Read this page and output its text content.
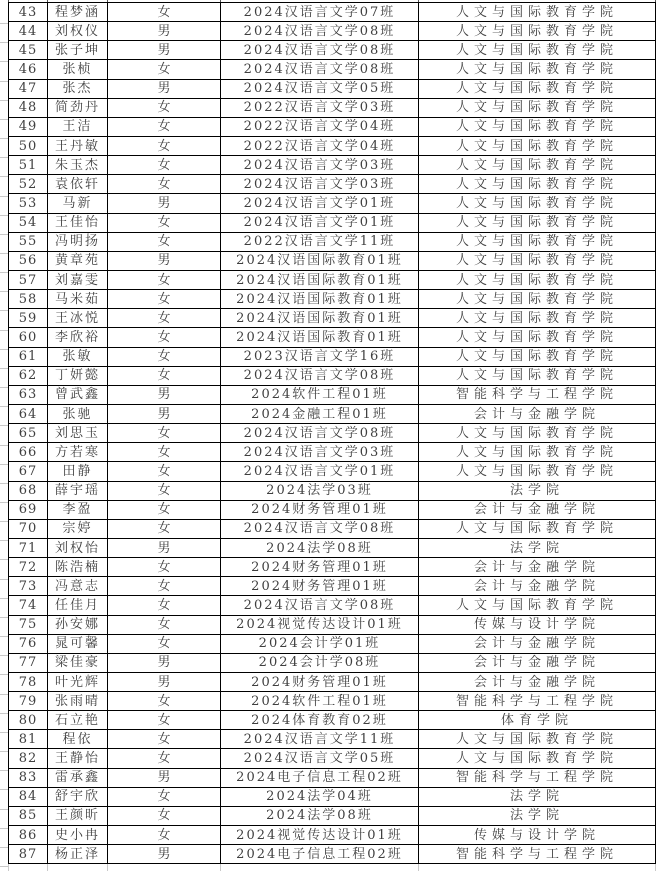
43	程梦涵	女	2024汉语言文学07班	人文与国际教育学院
44	刘权仪	男	2024汉语言文学08班	人文与国际教育学院
45	张子坤	男	2024汉语言文学08班	人文与国际教育学院
46	张桢	女	2024汉语言文学08班	人文与国际教育学院
47	张杰	男	2024汉语言文学05班	人文与国际教育学院
48	简劲丹	女	2022汉语言文学03班	人文与国际教育学院
49	王洁	女	2022汉语言文学04班	人文与国际教育学院
50	王丹敏	女	2022汉语言文学04班	人文与国际教育学院
51	朱玉杰	女	2024汉语言文学03班	人文与国际教育学院
52	袁依轩	女	2024汉语言文学03班	人文与国际教育学院
53	马新	男	2024汉语言文学01班	人文与国际教育学院
54	王佳怡	女	2024汉语言文学01班	人文与国际教育学院
55	冯明扬	女	2022汉语言文学11班	人文与国际教育学院
56	黄章苑	男	2024汉语国际教育01班	人文与国际教育学院
57	刘嘉雯	女	2024汉语国际教育01班	人文与国际教育学院
58	马米茹	女	2024汉语国际教育01班	人文与国际教育学院
59	王冰悦	女	2024汉语国际教育01班	人文与国际教育学院
60	李欣裕	女	2024汉语国际教育01班	人文与国际教育学院
61	张敏	女	2023汉语言文学16班	人文与国际教育学院
62	丁妍懿	女	2024汉语言文学08班	人文与国际教育学院
63	曾武鑫	男	2024软件工程01班	智能科学与工程学院
64	张驰	男	2024金融工程01班	会计与金融学院
65	刘思玉	女	2024汉语言文学08班	人文与国际教育学院
66	方若寒	女	2024汉语言文学03班	人文与国际教育学院
67	田静	女	2024汉语言文学01班	人文与国际教育学院
68	薛宇瑶	女	2024法学03班	法学院
69	李盈	女	2024财务管理01班	会计与金融学院
70	宗婷	女	2024汉语言文学08班	人文与国际教育学院
71	刘权怡	男	2024法学08班	法学院
72	陈浩楠	女	2024财务管理01班	会计与金融学院
73	冯意志	女	2024财务管理01班	会计与金融学院
74	任佳月	女	2024汉语言文学08班	人文与国际教育学院
75	孙安娜	女	2024视觉传达设计01班	传媒与设计学院
76	晁可馨	女	2024会计学01班	会计与金融学院
77	梁佳豪	男	2024会计学08班	会计与金融学院
78	叶光辉	男	2024财务管理01班	会计与金融学院
79	张雨晴	女	2024软件工程01班	智能科学与工程学院
80	石立艳	女	2024体育教育02班	体育学院
81	程依	女	2024汉语言文学11班	人文与国际教育学院
82	王静怡	女	2024汉语言文学05班	人文与国际教育学院
83	雷承鑫	男	2024电子信息工程02班	智能科学与工程学院
84	舒宇欣	女	2024法学04班	法学院
85	王颜昕	女	2024法学08班	法学院
86	史小冉	女	2024视觉传达设计01班	传媒与设计学院
87	杨正泽	男	2024电子信息工程02班	智能科学与工程学院
